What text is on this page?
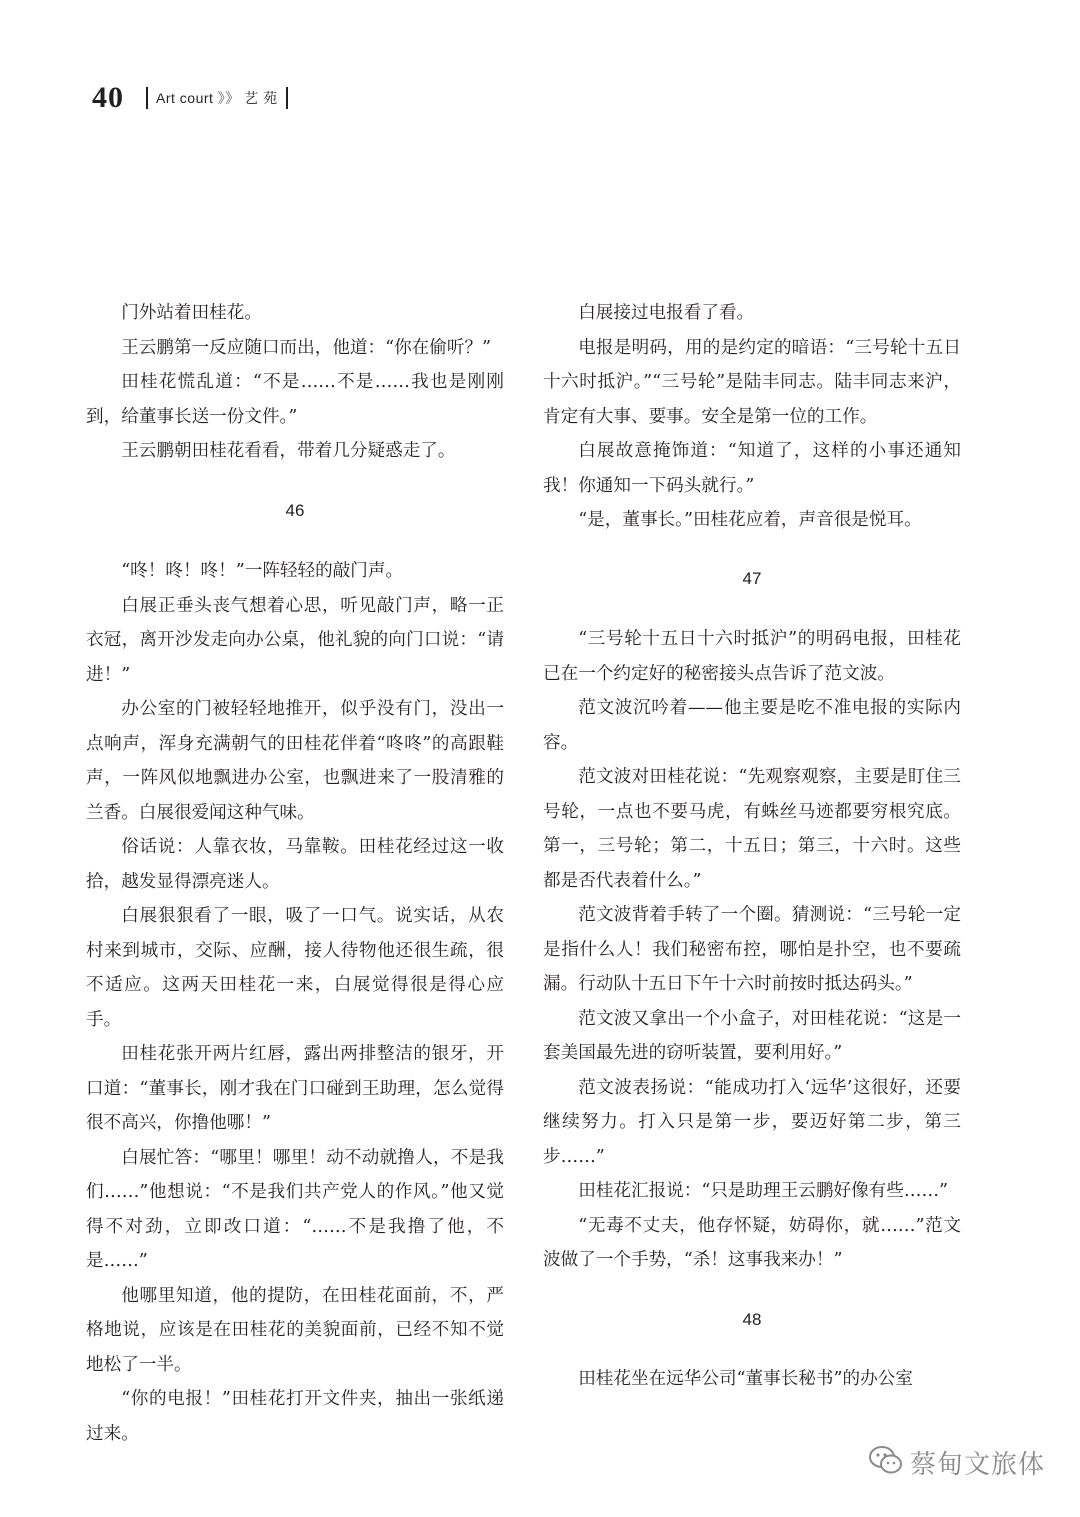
40 Art court 》》 艺 苑

门外站着田桂花。

王云鹏第一反应随口而出，他道：“你在偷听？”

田桂花慌乱道：“不是……不是……我也是刚刚到，给董事长送一份文件。”

王云鹏朝田桂花看看，带着几分疑惑走了。

46

“咚！咚！咚！”一阵轻轻的敲门声。

白展正垂头丧气想着心思，听见敲门声，略一正衣冠，离开沙发走向办公桌，他礼貌的向门口说：“请进！”

办公室的门被轻轻地推开，似乎没有门，没出一点响声，浑身充满朝气的田桂花伴着“咚咚”的高跟鞋声，一阵风似地飘进办公室，也飘进来了一股清雅的兰香。白展很爱闻这种气味。

俗话说：人靠衣妆，马靠鞍。田桂花经过这一收拾，越发显得漂亮迷人。

白展狠狠看了一眼，吸了一口气。说实话，从农村来到城市，交际、应酬，接人待物他还很生疏，很不适应。这两天田桂花一来，白展觉得很是得心应手。

田桂花张开两片红唇，露出两排整洁的银牙，开口道：“董事长，刚才我在门口碰到王助理，怎么觉得很不高兴，你撸他哪！”

白展忙答：“哪里！哪里！动不动就撸人，不是我们……”他想说：“不是我们共产党人的作风。”他又觉得不对劲，立即改口道：“……不是我撸了他，不是……”

他哪里知道，他的提防，在田桂花面前，不，严格地说，应该是在田桂花的美貌面前，已经不知不觉地松了一半。

“你的电报！”田桂花打开文件夹，抽出一张纸递过来。

白展接过电报看了看。

电报是明码，用的是约定的暗语：“三号轮十五日十六时抵沪。”“三号轮”是陆丰同志。陆丰同志来沪，肯定有大事、要事。安全是第一位的工作。

白展故意掩饰道：“知道了，这样的小事还通知我！你通知一下码头就行。”

“是，董事长。”田桂花应着，声音很是悦耳。

47

“三号轮十五日十六时抵沪”的明码电报，田桂花已在一个约定好的秘密接头点告诉了范文波。

范文波沉吟着——他主要是吃不准电报的实际内容。

范文波对田桂花说：“先观察观察，主要是盯住三号轮，一点也不要马虎，有蛛丝马迹都要穷根究底。第一，三号轮；第二，十五日；第三，十六时。这些都是否代表着什么。”

范文波背着手转了一个圈。猜测说：“三号轮一定是指什么人！我们秘密布控，哪怕是扑空，也不要疏漏。行动队十五日下午十六时前按时抵达码头。”

范文波又拿出一个小盒子，对田桂花说：“这是一套美国最先进的窃听装置，要利用好。”

范文波表扬说：“能成功打入‘远华’这很好，还要继续努力。打入只是第一步，要迈好第二步，第三步……”

田桂花汇报说：“只是助理王云鹏好像有些……”

“无毒不丈夫，他存怀疑，妨碍你，就……”范文波做了一个手势，“杀！这事我来办！”

48

田桂花坐在远华公司“董事长秘书”的办公室

蔡甸文旅体
